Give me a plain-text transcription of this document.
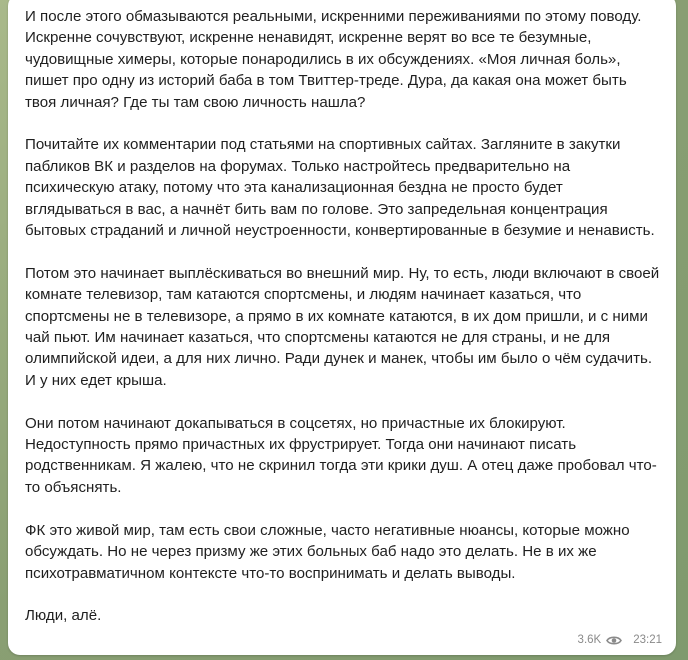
И после этого обмазываются реальными, искренними переживаниями по этому поводу. Искренне сочувствуют, искренне ненавидят, искренне верят во все те безумные, чудовищные химеры, которые понародились в их обсуждениях. «Моя личная боль», пишет про одну из историй баба в том Твиттер-треде. Дура, да какая она может быть твоя личная? Где ты там свою личность нашла?

Почитайте их комментарии под статьями на спортивных сайтах. Загляните в закутки пабликов ВК и разделов на форумах. Только настройтесь предварительно на психическую атаку, потому что эта канализационная бездна не просто будет вглядываться в вас, а начнёт бить вам по голове. Это запредельная концентрация бытовых страданий и личной неустроенности, конвертированные в безумие и ненависть.

Потом это начинает выплёскиваться во внешний мир. Ну, то есть, люди включают в своей комнате телевизор, там катаются спортсмены, и людям начинает казаться, что спортсмены не в телевизоре, а прямо в их комнате катаются, в их дом пришли, и с ними чай пьют. Им начинает казаться, что спортсмены катаются не для страны, и не для олимпийской идеи, а для них лично. Ради дунек и манек, чтобы им было о чём судачить. И у них едет крыша.

Они потом начинают докапываться в соцсетях, но причастные их блокируют. Недоступность прямо причастных их фрустрирует. Тогда они начинают писать родственникам. Я жалею, что не скринил тогда эти крики душ. А отец даже пробовал что-то объяснять.

ФК это живой мир, там есть свои сложные, часто негативные нюансы, которые можно обсуждать. Но не через призму же этих больных баб надо это делать. Не в их же психотравматичном контексте что-то воспринимать и делать выводы.

Люди, алё.

3.6K	23:21
